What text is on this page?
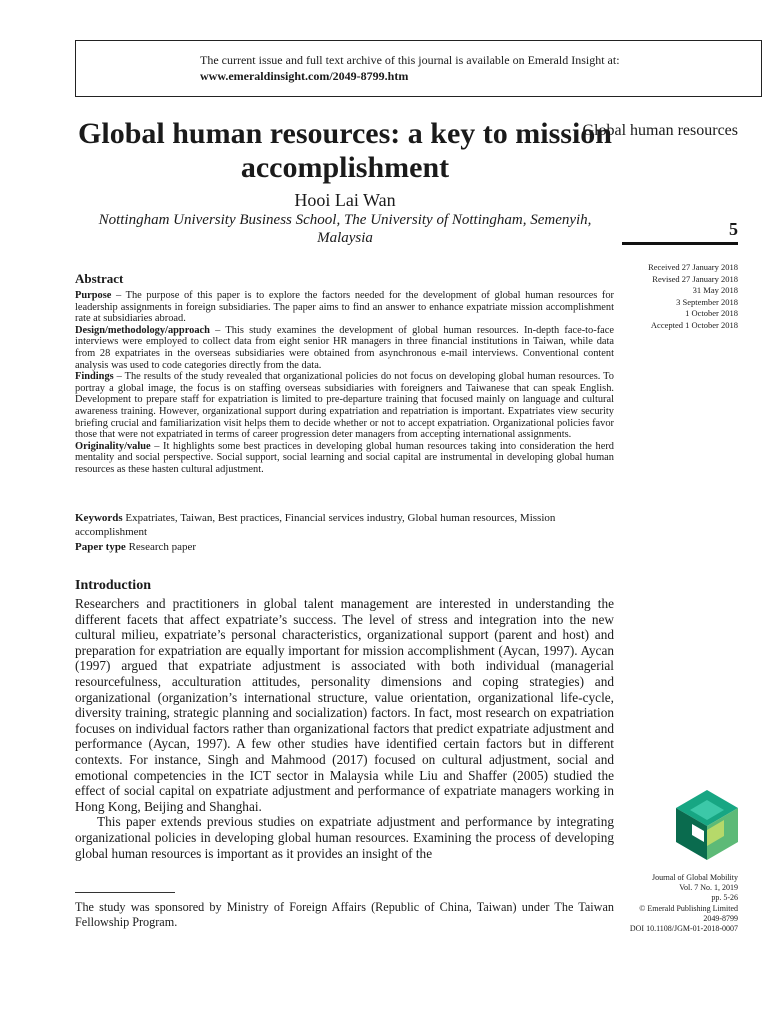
The current issue and full text archive of this journal is available on Emerald Insight at:
www.emeraldinsight.com/2049-8799.htm
Global human resources: a key to mission accomplishment
Hooi Lai Wan
Nottingham University Business School, The University of Nottingham, Semenyih, Malaysia
Global human resources
5
Received 27 January 2018
Revised 27 January 2018
31 May 2018
3 September 2018
1 October 2018
Accepted 1 October 2018
Abstract

Purpose – The purpose of this paper is to explore the factors needed for the development of global human resources for leadership assignments in foreign subsidiaries. The paper aims to find an answer to enhance expatriate mission accomplishment rate at subsidiaries abroad.

Design/methodology/approach – This study examines the development of global human resources. In-depth face-to-face interviews were employed to collect data from eight senior HR managers in three financial institutions in Taiwan, while data from 28 expatriates in the overseas subsidiaries were obtained from asynchronous e-mail interviews. Conventional content analysis was used to code categories directly from the data.

Findings – The results of the study revealed that organizational policies do not focus on developing global human resources. To portray a global image, the focus is on staffing overseas subsidiaries with foreigners and Taiwanese that can speak English. Development to prepare staff for expatriation is limited to pre-departure training that focused mainly on language and cultural awareness training. However, organizational support during expatriation and repatriation is important. Expatriates view security briefing crucial and familiarization visit helps them to decide whether or not to accept expatriation. Organizational policies favor those that were not expatriated in terms of career progression deter managers from accepting international assignments.

Originality/value – It highlights some best practices in developing global human resources taking into consideration the herd mentality and social perspective. Social support, social learning and social capital are instrumental in developing global human resources as these hasten cultural adjustment.

Keywords Expatriates, Taiwan, Best practices, Financial services industry, Global human resources, Mission accomplishment
Paper type Research paper
Introduction

Researchers and practitioners in global talent management are interested in understanding the different facets that affect expatriate’s success. The level of stress and integration into the new cultural milieu, expatriate’s personal characteristics, organizational support (parent and host) and preparation for expatriation are equally important for mission accomplishment (Aycan, 1997). Aycan (1997) argued that expatriate adjustment is associated with both individual (managerial resourcefulness, acculturation attitudes, personality dimensions and coping strategies) and organizational (organization’s international structure, value orientation, organizational life-cycle, diversity training, strategic planning and socialization) factors. In fact, most research on expatriation focuses on individual factors rather than organizational factors that predict expatriate adjustment and performance (Aycan, 1997). A few other studies have identified certain factors but in different contexts. For instance, Singh and Mahmood (2017) focused on cultural adjustment, social and emotional competencies in the ICT sector in Malaysia while Liu and Shaffer (2005) studied the effect of social capital on expatriate adjustment and performance of expatriate managers working in Hong Kong, Beijing and Shanghai.

This paper extends previous studies on expatriate adjustment and performance by integrating organizational policies in developing global human resources. Examining the process of developing global human resources is important as it provides an insight of the

The study was sponsored by Ministry of Foreign Affairs (Republic of China, Taiwan) under The Taiwan Fellowship Program.
Journal of Global Mobility
Vol. 7 No. 1, 2019
pp. 5-26
© Emerald Publishing Limited
2049-8799
DOI 10.1108/JGM-01-2018-0007
